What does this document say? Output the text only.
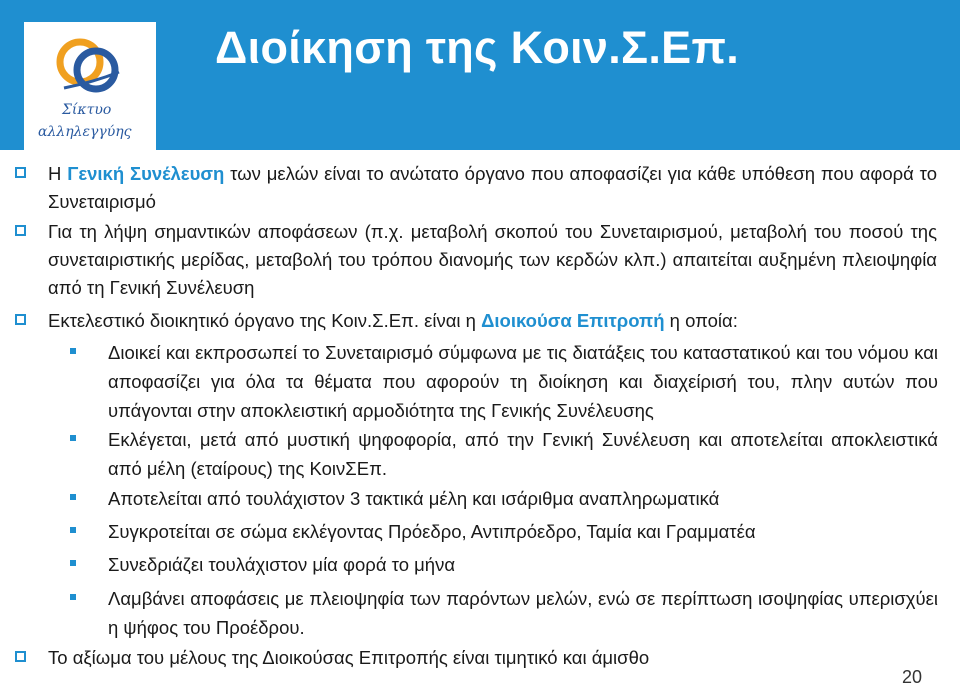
Σίκτυο
αλληλεγγύης
Διοίκηση της Κοιν.Σ.Επ.
Η Γενική Συνέλευση των μελών είναι το ανώτατο όργανο που αποφασίζει για κάθε υπόθεση που αφορά το Συνεταιρισμό
Για τη λήψη σημαντικών αποφάσεων (π.χ. μεταβολή σκοπού του Συνεταιρισμού, μεταβολή του ποσού της συνεταιριστικής μερίδας, μεταβολή του τρόπου διανομής των κερδών κλπ.) απαιτείται αυξημένη πλειοψηφία από τη Γενική Συνέλευση
Εκτελεστικό διοικητικό όργανο της Κοιν.Σ.Επ. είναι η Διοικούσα Επιτροπή η οποία:
Διοικεί και εκπροσωπεί το Συνεταιρισμό σύμφωνα με τις διατάξεις του καταστατικού και του νόμου και αποφασίζει για όλα τα θέματα που αφορούν τη διοίκηση και διαχείρισή του, πλην αυτών που υπάγονται στην αποκλειστική αρμοδιότητα της Γενικής Συνέλευσης
Εκλέγεται, μετά από μυστική ψηφοφορία, από την Γενική Συνέλευση και αποτελείται αποκλειστικά από μέλη (εταίρους) της ΚοινΣΕπ.
Αποτελείται από τουλάχιστον 3 τακτικά μέλη και ισάριθμα αναπληρωματικά
Συγκροτείται σε σώμα εκλέγοντας Πρόεδρο, Αντιπρόεδρο, Ταμία και Γραμματέα
Συνεδριάζει τουλάχιστον μία φορά το μήνα
Λαμβάνει αποφάσεις με πλειοψηφία των παρόντων μελών, ενώ σε περίπτωση ισοψηφίας υπερισχύει η ψήφος του Προέδρου.
Το αξίωμα του μέλους της Διοικούσας Επιτροπής είναι τιμητικό και άμισθο
20
